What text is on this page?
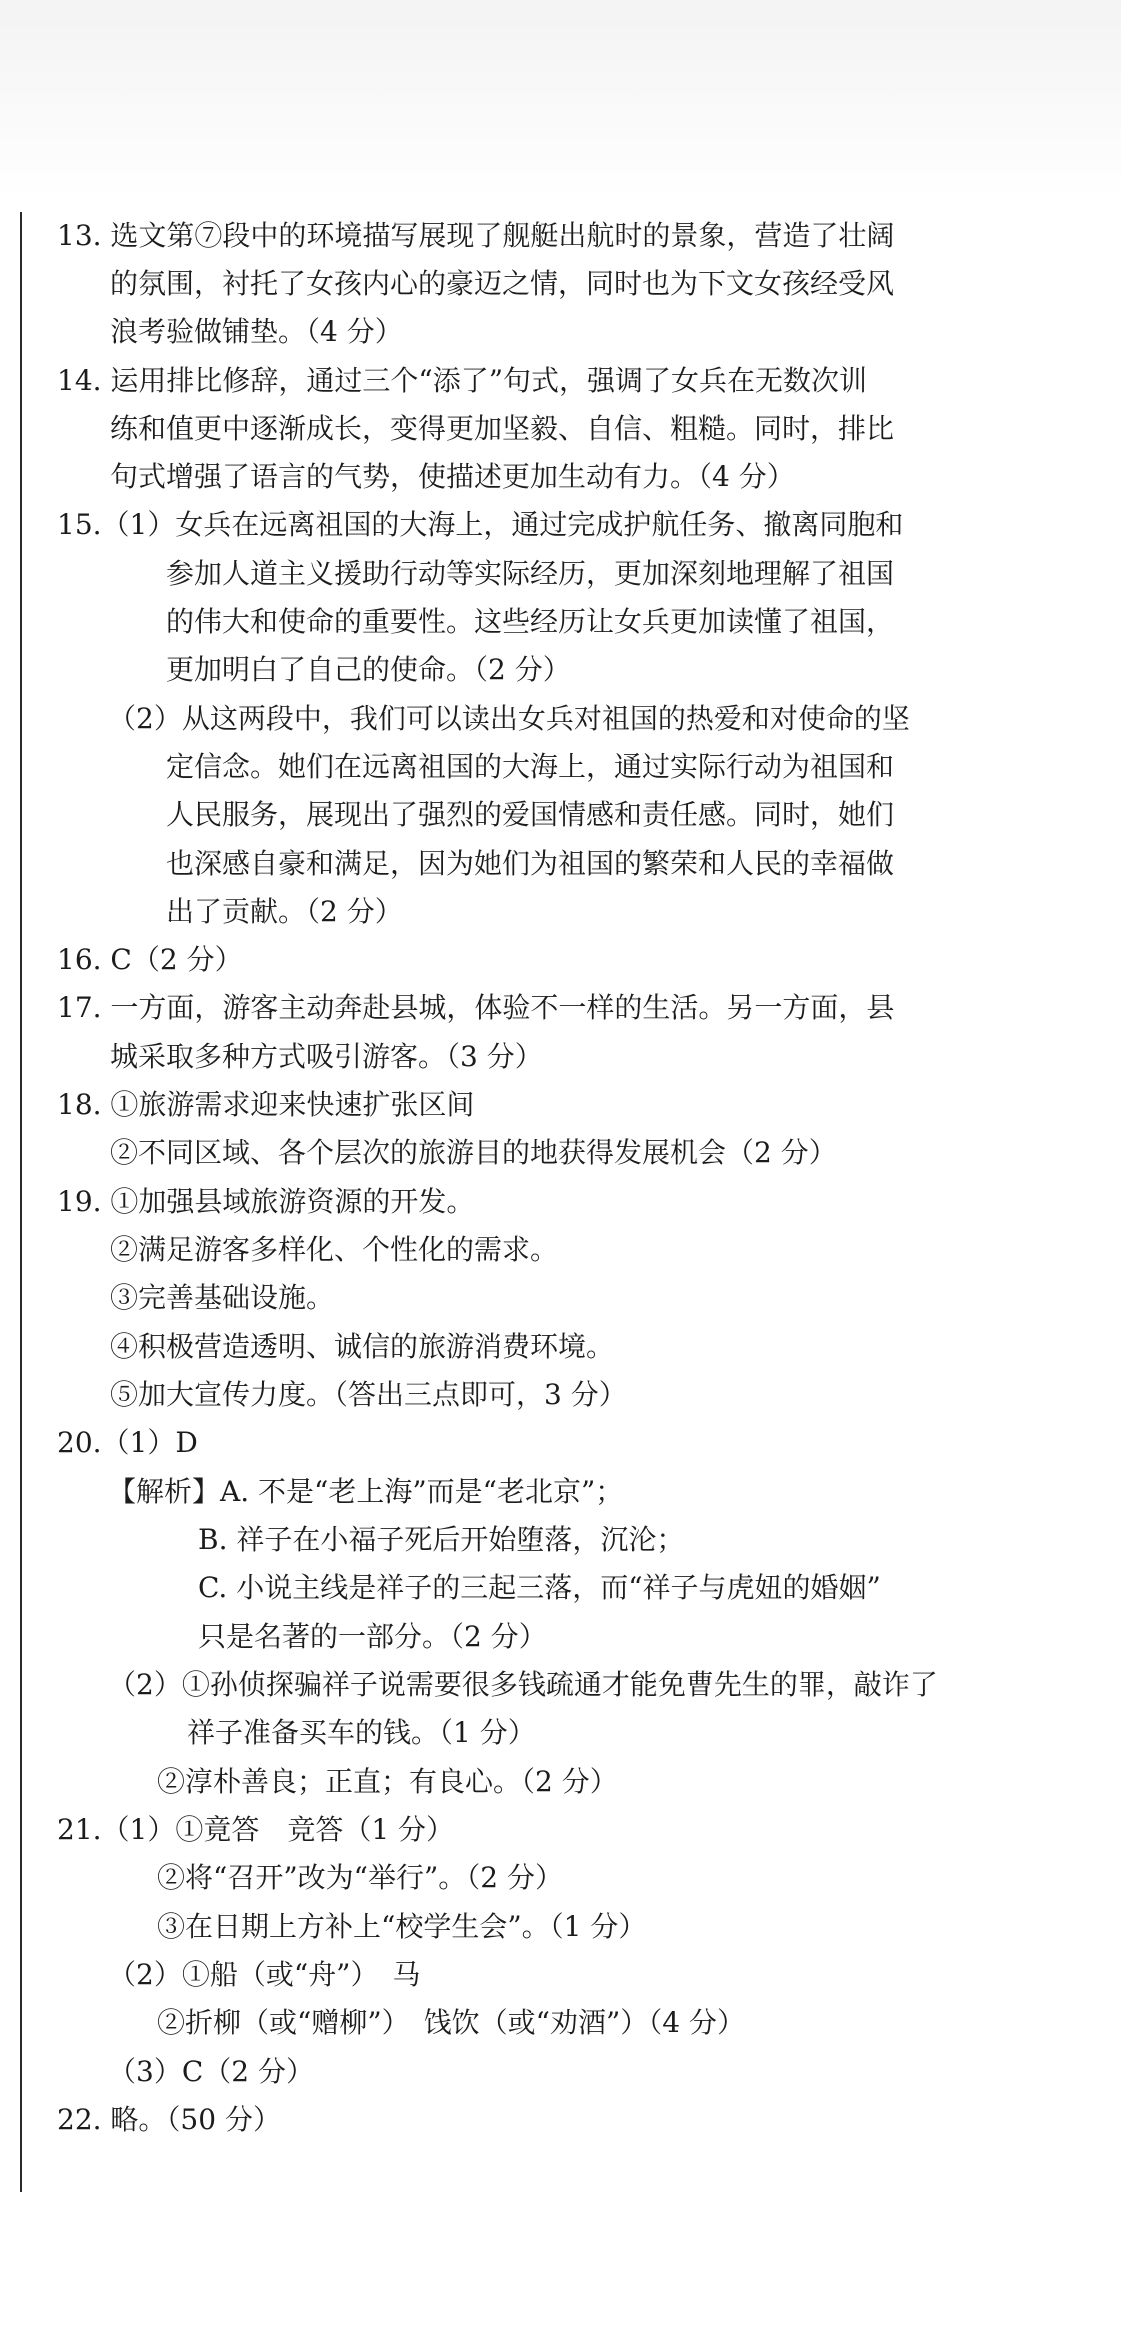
13. 选文第⑦段中的环境描写展现了舰艇出航时的景象，营造了壮阔
的氛围，衬托了女孩内心的豪迈之情，同时也为下文女孩经受风
浪考验做铺垫。（4 分）
14. 运用排比修辞，通过三个“添了”句式，强调了女兵在无数次训
练和值更中逐渐成长，变得更加坚毅、自信、粗糙。同时，排比
句式增强了语言的气势，使描述更加生动有力。（4 分）
15.（1）女兵在远离祖国的大海上，通过完成护航任务、撤离同胞和
参加人道主义援助行动等实际经历，更加深刻地理解了祖国
的伟大和使命的重要性。这些经历让女兵更加读懂了祖国，
更加明白了自己的使命。（2 分）
（2）从这两段中，我们可以读出女兵对祖国的热爱和对使命的坚
定信念。她们在远离祖国的大海上，通过实际行动为祖国和
人民服务，展现出了强烈的爱国情感和责任感。同时，她们
也深感自豪和满足，因为她们为祖国的繁荣和人民的幸福做
出了贡献。（2 分）
16. C（2 分）
17. 一方面，游客主动奔赴县城，体验不一样的生活。另一方面，县
城采取多种方式吸引游客。（3 分）
18. ①旅游需求迎来快速扩张区间
②不同区域、各个层次的旅游目的地获得发展机会（2 分）
19. ①加强县域旅游资源的开发。
②满足游客多样化、个性化的需求。
③完善基础设施。
④积极营造透明、诚信的旅游消费环境。
⑤加大宣传力度。（答出三点即可，3 分）
20.（1）D
【解析】A. 不是“老上海”而是“老北京”；
B. 祥子在小福子死后开始堕落，沉沦；
C. 小说主线是祥子的三起三落，而“祥子与虎妞的婚姻”
只是名著的一部分。（2 分）
（2）①孙侦探骗祥子说需要很多钱疏通才能免曹先生的罪，敲诈了
祥子准备买车的钱。（1 分）
②淳朴善良；正直；有良心。（2 分）
21.（1）①竟答　竞答（1 分）
②将“召开”改为“举行”。（2 分）
③在日期上方补上“校学生会”。（1 分）
（2）①船（或“舟”）　马
②折柳（或“赠柳”）　饯饮（或“劝酒”）（4 分）
（3）C（2 分）
22. 略。（50 分）
